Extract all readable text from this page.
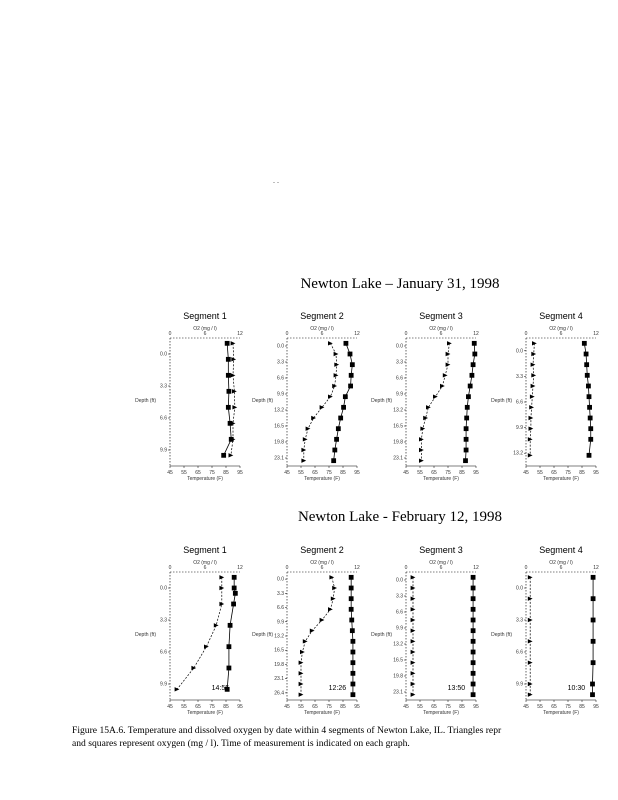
. .
Newton Lake – January 31, 1998
Newton Lake - February 12, 1998
0	6	12
0.0
3.3
6.6
9.9
Depth (ft)
45 55 65 75 85 95
Temperature (F)
Segment 1
O2 (mg / l)
0	6	12
0.0
3.3
6.6
9.9
13.2
16.5
19.8
23.1
Depth (ft)
45 55 65 75 85 95
Temperature (F)
Segment 2
O2 (mg / l)
0	6	12
0.0
3.3
6.6
9.9
13.2
16.5
19.8
23.1
Depth (ft)
45 55 65 75 85 95
Temperature (F)
Segment 3
O2 (mg / l)
0	6	12
0.0
3.3
6.6
9.9
13.2
Depth (ft)
45 55 65 75 85 95
Temperature (F)
Segment 4
O2 (mg / l)
0	6	12
0.0
3.3
6.6
9.9
Depth (ft)
45 55 65 75 85 95
Temperature (F)
14:55
Segment 1
O2 (mg / l)
0	6	12
0.0
3.3
6.6
9.9
13.2
16.5
19.8
23.1
26.4
Depth (ft)
45 55 65 75 85 95
Temperature (F)
12:26
Segment 2
O2 (mg / l)
0	6	12
0.0
3.3
6.6
9.9
13.2
16.5
19.8
23.1
Depth (ft)
45 55 65 75 85 95
Temperature (F)
13:50
Segment 3
O2 (mg / l)
0	6	12
0.0
3.3
6.6
9.9
Depth (ft)
45 55 65 75 85 95
Temperature (F)
10:30
Segment 4
O2 (mg / l)
Figure 15A.6. Temperature and dissolved oxygen by date within 4 segments of Newton Lake, IL. Triangles repr
and squares represent oxygen (mg / l). Time of measurement is indicated on each graph.
